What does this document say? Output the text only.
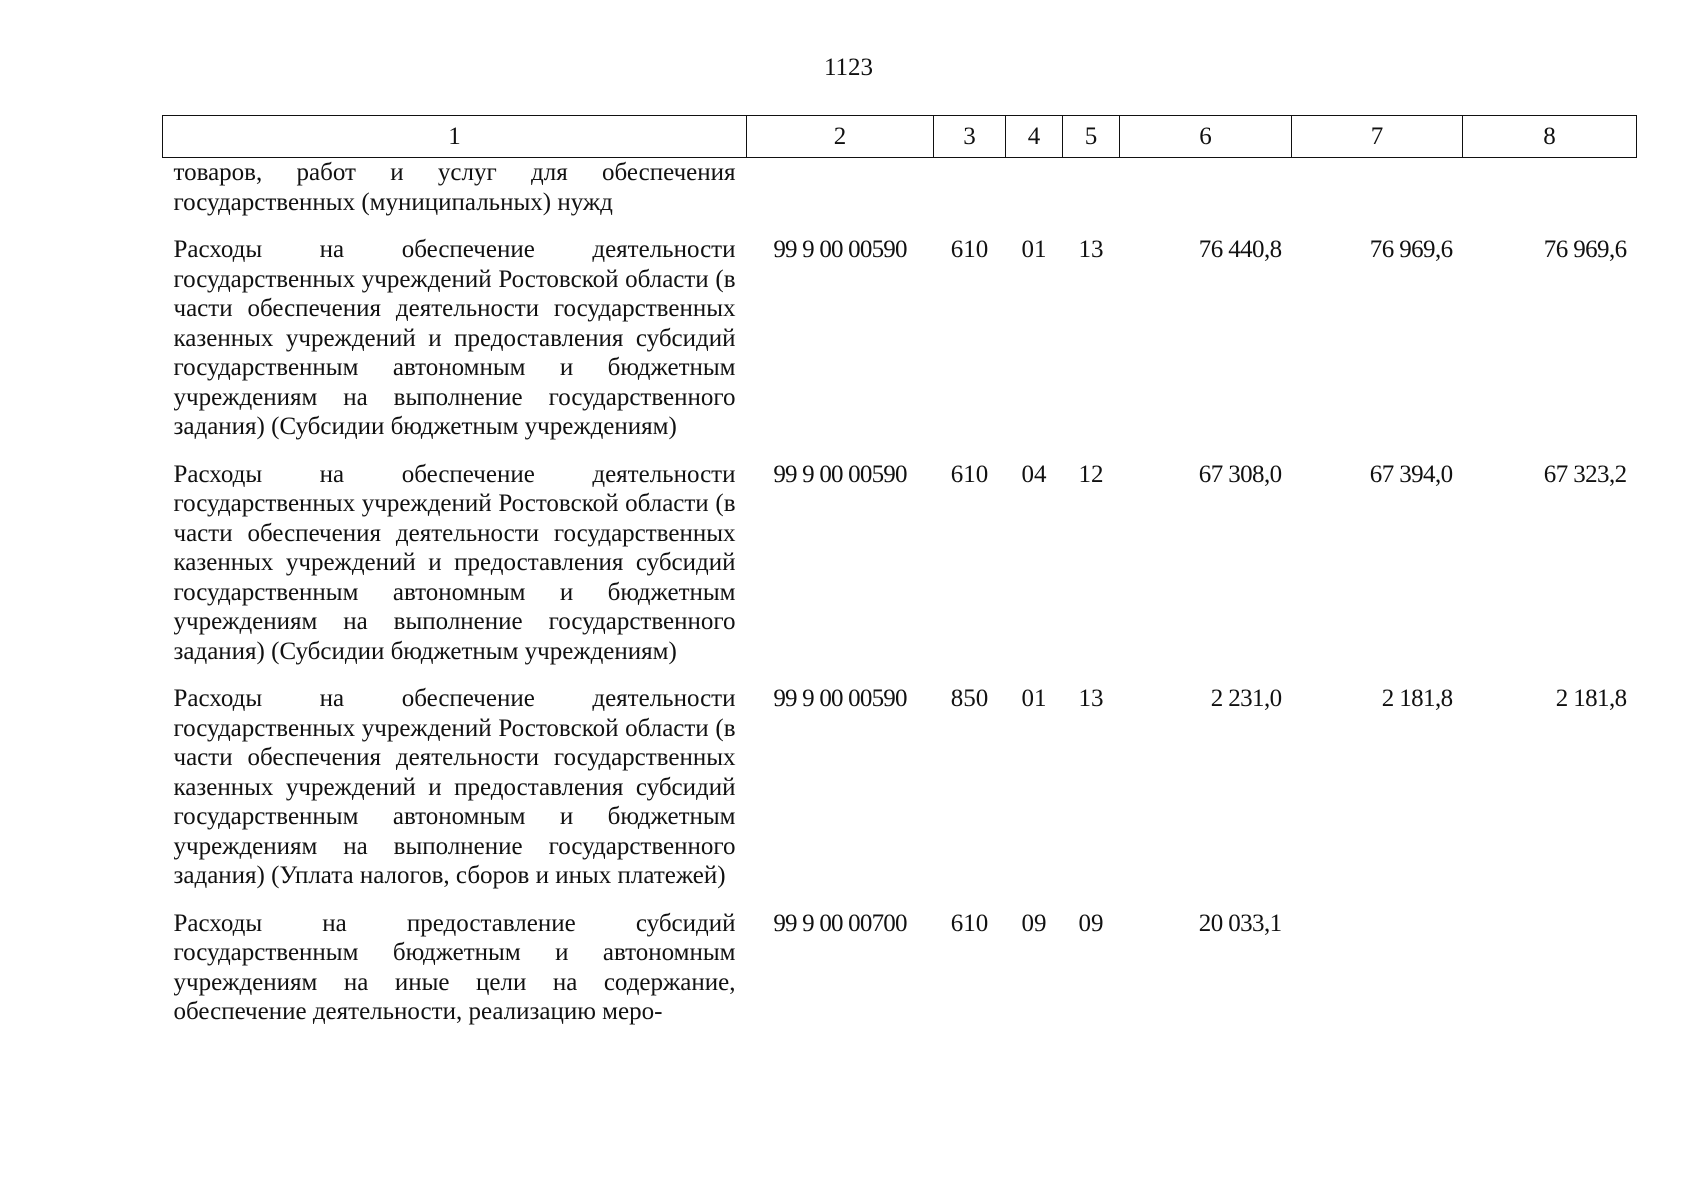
1123
1	2	3	4	5	6	7	8
товаров, работ и услуг для обеспечения государственных (муниципальных) нужд							
Расходы на обеспечение деятельности государственных учреждений Ростовской области (в части обеспечения деятельности государственных казенных учреждений и предоставления субсидий государственным автономным и бюджетным учреждениям на выполнение государственного задания) (Субсидии бюджетным учреждениям)	99 9 00 00590	610	01	13	76 440,8	76 969,6	76 969,6
Расходы на обеспечение деятельности государственных учреждений Ростовской области (в части обеспечения деятельности государственных казенных учреждений и предоставления субсидий государственным автономным и бюджетным учреждениям на выполнение государственного задания) (Субсидии бюджетным учреждениям)	99 9 00 00590	610	04	12	67 308,0	67 394,0	67 323,2
Расходы на обеспечение деятельности государственных учреждений Ростовской области (в части обеспечения деятельности государственных казенных учреждений и предоставления субсидий государственным автономным и бюджетным учреждениям на выполнение государственного задания) (Уплата налогов, сборов и иных платежей)	99 9 00 00590	850	01	13	2 231,0	2 181,8	2 181,8
Расходы на предоставление субсидий государственным бюджетным и автономным учреждениям на иные цели на содержание, обеспечение деятельности, реализацию меро-	99 9 00 00700	610	09	09	20 033,1		
